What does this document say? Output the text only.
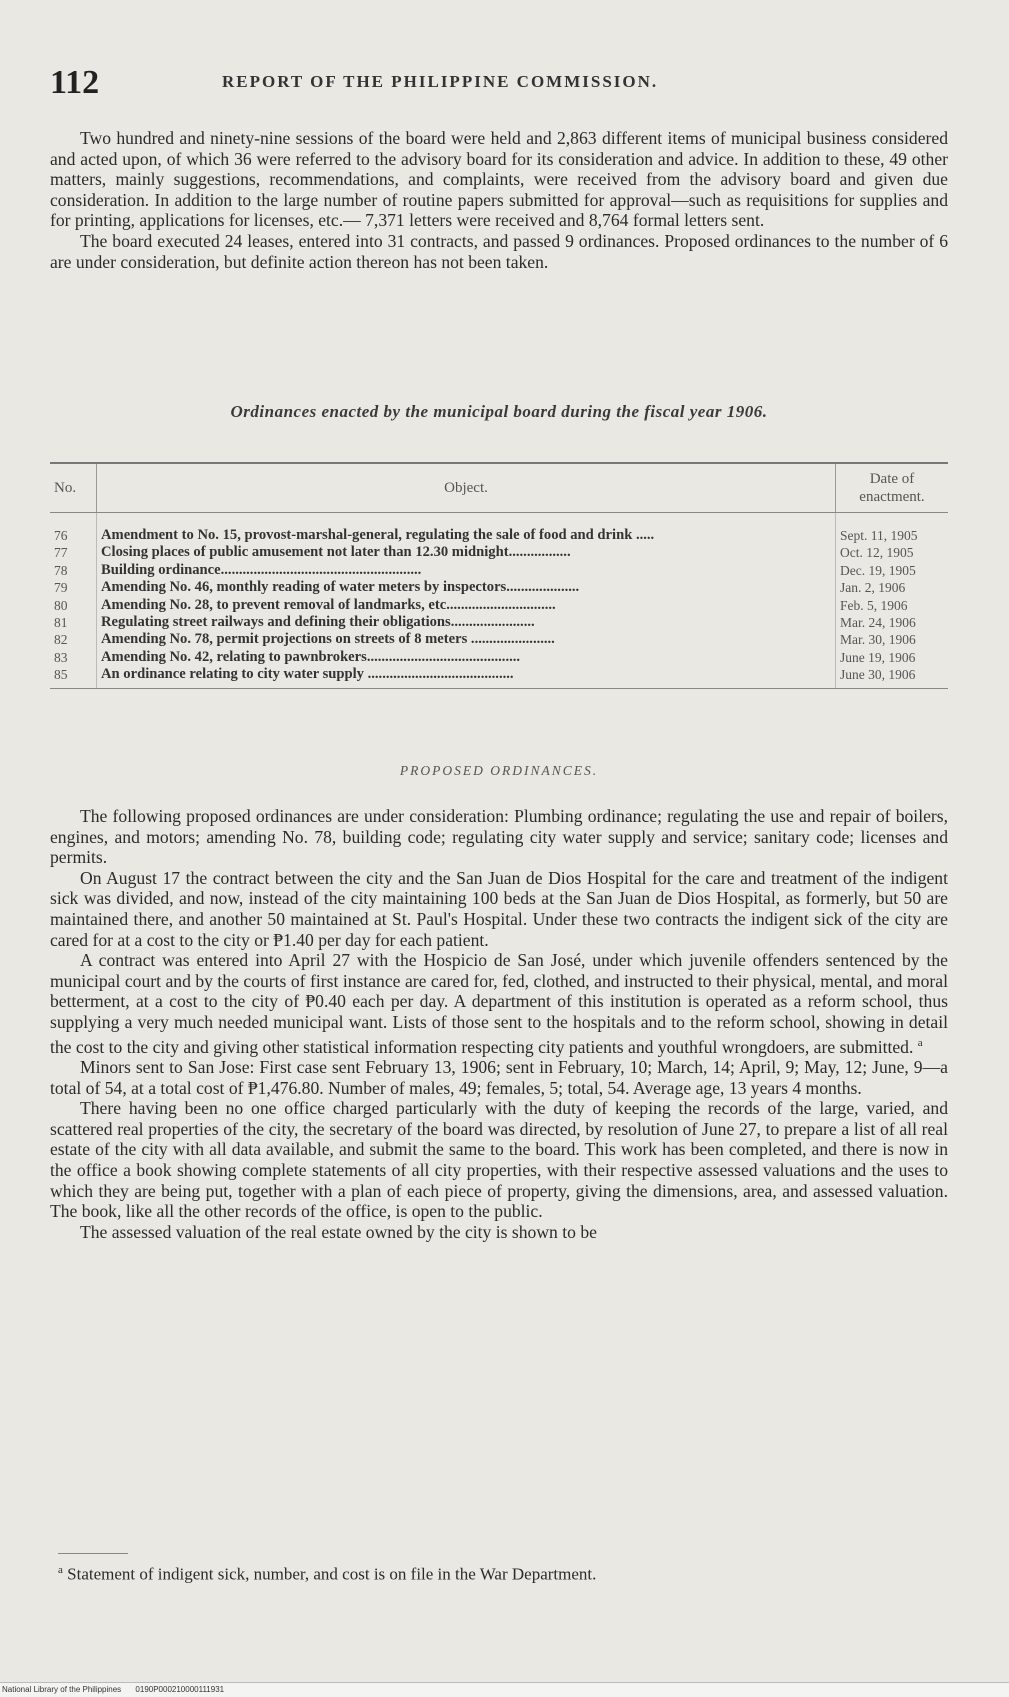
112	REPORT OF THE PHILIPPINE COMMISSION.

Two hundred and ninety-nine sessions of the board were held and 2,863 different items of municipal business considered and acted upon, of which 36 were referred to the advisory board for its consideration and advice. In addition to these, 49 other matters, mainly suggestions, recommendations, and complaints, were received from the advisory board and given due consideration. In addition to the large number of routine papers submitted for approval—such as requisitions for supplies and for printing, applications for licenses, etc.— 7,371 letters were received and 8,764 formal letters sent.

The board executed 24 leases, entered into 31 contracts, and passed 9 ordinances. Proposed ordinances to the number of 6 are under consideration, but definite action thereon has not been taken.

Ordinances enacted by the municipal board during the fiscal year 1906.
No.	Object.	Date of enactment.

76	Amendment to No. 15, provost-marshal-general, regulating the sale of food and drink .....	Sept. 11, 1905
77	Closing places of public amusement not later than 12.30 midnight.................	Oct. 12, 1905
78	Building ordinance.......................................................	Dec. 19, 1905
79	Amending No. 46, monthly reading of water meters by inspectors....................	Jan. 2, 1906
80	Amending No. 28, to prevent removal of landmarks, etc..............................	Feb. 5, 1906
81	Regulating street railways and defining their obligations.......................	Mar. 24, 1906
82	Amending No. 78, permit projections on streets of 8 meters .......................	Mar. 30, 1906
83	Amending No. 42, relating to pawnbrokers..........................................	June 19, 1906
85	An ordinance relating to city water supply ........................................	June 30, 1906
PROPOSED ORDINANCES.

The following proposed ordinances are under consideration: Plumbing ordinance; regulating the use and repair of boilers, engines, and motors; amending No. 78, building code; regulating city water supply and service; sanitary code; licenses and permits.

On August 17 the contract between the city and the San Juan de Dios Hospital for the care and treatment of the indigent sick was divided, and now, instead of the city maintaining 100 beds at the San Juan de Dios Hospital, as formerly, but 50 are maintained there, and another 50 maintained at St. Paul's Hospital. Under these two contracts the indigent sick of the city are cared for at a cost to the city or ₱1.40 per day for each patient.

A contract was entered into April 27 with the Hospicio de San José, under which juvenile offenders sentenced by the municipal court and by the courts of first instance are cared for, fed, clothed, and instructed to their physical, mental, and moral betterment, at a cost to the city of ₱0.40 each per day. A department of this institution is operated as a reform school, thus supplying a very much needed municipal want. Lists of those sent to the hospitals and to the reform school, showing in detail the cost to the city and giving other statistical information respecting city patients and youthful wrongdoers, are submitted. $^a$

Minors sent to San Jose: First case sent February 13, 1906; sent in February, 10; March, 14; April, 9; May, 12; June, 9—a total of 54, at a total cost of ₱1,476.80. Number of males, 49; females, 5; total, 54. Average age, 13 years 4 months.

There having been no one office charged particularly with the duty of keeping the records of the large, varied, and scattered real properties of the city, the secretary of the board was directed, by resolution of June 27, to prepare a list of all real estate of the city with all data available, and submit the same to the board. This work has been completed, and there is now in the office a book showing complete statements of all city properties, with their respective assessed valuations and the uses to which they are being put, together with a plan of each piece of property, giving the dimensions, area, and assessed valuation. The book, like all the other records of the office, is open to the public.

The assessed valuation of the real estate owned by the city is shown to be

$^a$ Statement of indigent sick, number, and cost is on file in the War Department.
National Library of the Philippines 0190P000210000111931
